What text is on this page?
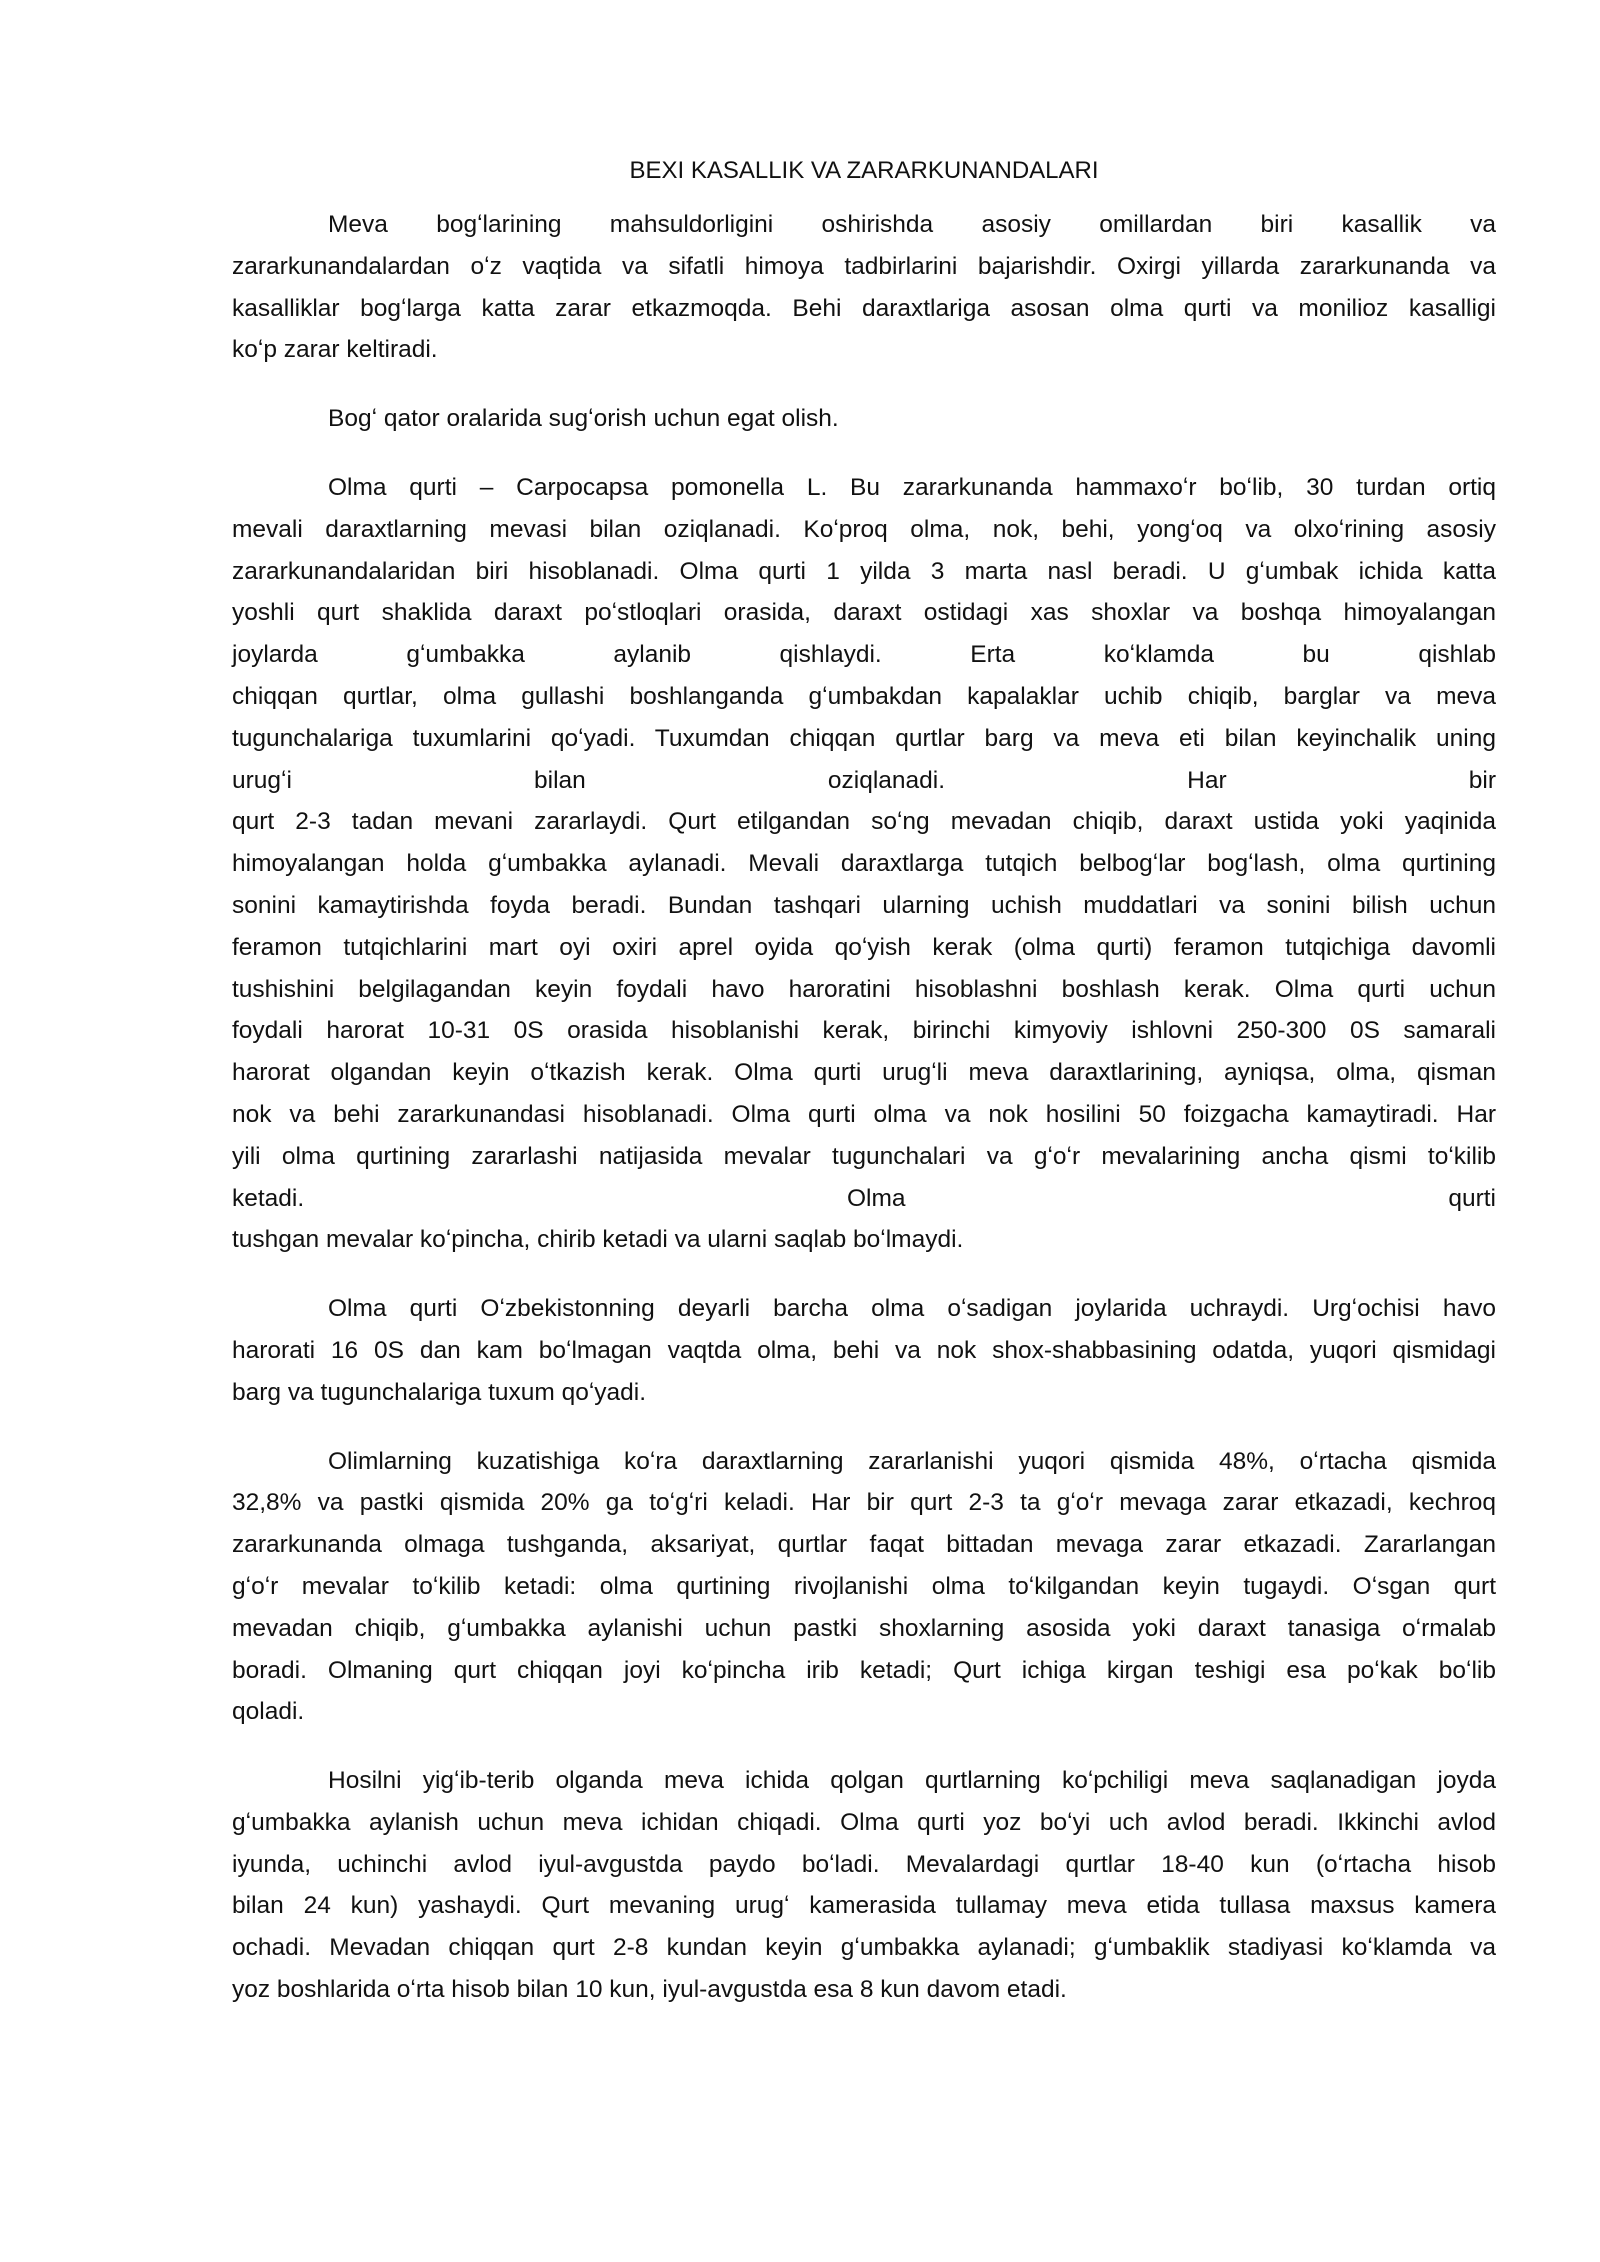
BEXI KASALLIK VA ZARARKUNANDALARI
Meva bogʻlarining mahsuldorligini oshirishda asosiy omillardan biri kasallik va
zararkunandalardan oʻz vaqtida va sifatli himoya tadbirlarini bajarishdir. Oxirgi yillarda zararkunanda va
kasalliklar bogʻlarga katta zarar etkazmoqda. Behi daraxtlariga asosan olma qurti va monilioz kasalligi
koʻp zarar keltiradi.
Bogʻ qator oralarida sugʻorish uchun egat olish.
Olma qurti – Carpocapsa pomonella L. Bu zararkunanda hammaxoʻr boʻlib, 30 turdan ortiq
mevali daraxtlarning mevasi bilan oziqlanadi. Koʻproq olma, nok, behi, yongʻoq va olxoʻrining asosiy
zararkunandalaridan biri hisoblanadi. Olma qurti 1 yilda 3 marta nasl beradi. U gʻumbak ichida katta
yoshli qurt shaklida daraxt poʻstloqlari orasida, daraxt ostidagi xas shoxlar va boshqa himoyalangan
joylarda gʻumbakka aylanib qishlaydi. Erta koʻklamda bu qishlab
chiqqan qurtlar, olma gullashi boshlanganda gʻumbakdan kapalaklar uchib chiqib, barglar va meva
tugunchalariga tuxumlarini qoʻyadi. Tuxumdan chiqqan qurtlar barg va meva eti bilan keyinchalik uning
urugʻi bilan oziqlanadi. Har bir
qurt 2-3 tadan mevani zararlaydi. Qurt etilgandan soʻng mevadan chiqib, daraxt ustida yoki yaqinida
himoyalangan holda gʻumbakka aylanadi. Mevali daraxtlarga tutqich belbogʻlar bogʻlash, olma qurtining
sonini kamaytirishda foyda beradi. Bundan tashqari ularning uchish muddatlari va sonini bilish uchun
feramon tutqichlarini mart oyi oxiri aprel oyida qoʻyish kerak (olma qurti) feramon tutqichiga davomli
tushishini belgilagandan keyin foydali havo haroratini hisoblashni boshlash kerak. Olma qurti uchun
foydali harorat 10-31 0S orasida hisoblanishi kerak, birinchi kimyoviy ishlovni 250-300 0S samarali
harorat olgandan keyin oʻtkazish kerak. Olma qurti urugʻli meva daraxtlarining, ayniqsa, olma, qisman
nok va behi zararkunandasi hisoblanadi. Olma qurti olma va nok hosilini 50 foizgacha kamaytiradi. Har
yili olma qurtining zararlashi natijasida mevalar tugunchalari va gʻoʻr mevalarining ancha qismi toʻkilib
ketadi. Olma qurti
tushgan mevalar koʻpincha, chirib ketadi va ularni saqlab boʻlmaydi.
Olma qurti Oʻzbekistonning deyarli barcha olma oʻsadigan joylarida uchraydi. Urgʻochisi havo
harorati 16 0S dan kam boʻlmagan vaqtda olma, behi va nok shox-shabbasining odatda, yuqori qismidagi
barg va tugunchalariga tuxum qoʻyadi.
Olimlarning kuzatishiga koʻra daraxtlarning zararlanishi yuqori qismida 48%, oʻrtacha qismida
32,8% va pastki qismida 20% ga toʻgʻri keladi. Har bir qurt 2-3 ta gʻoʻr mevaga zarar etkazadi, kechroq
zararkunanda olmaga tushganda, aksariyat, qurtlar faqat bittadan mevaga zarar etkazadi. Zararlangan
gʻoʻr mevalar toʻkilib ketadi: olma qurtining rivojlanishi olma toʻkilgandan keyin tugaydi. Oʻsgan qurt
mevadan chiqib, gʻumbakka aylanishi uchun pastki shoxlarning asosida yoki daraxt tanasiga oʻrmalab
boradi. Olmaning qurt chiqqan joyi koʻpincha irib ketadi; Qurt ichiga kirgan teshigi esa poʻkak boʻlib
qoladi.
Hosilni yigʻib-terib olganda meva ichida qolgan qurtlarning koʻpchiligi meva saqlanadigan joyda
gʻumbakka aylanish uchun meva ichidan chiqadi. Olma qurti yoz boʻyi uch avlod beradi. Ikkinchi avlod
iyunda, uchinchi avlod iyul-avgustda paydo boʻladi. Mevalardagi qurtlar 18-40 kun (oʻrtacha hisob
bilan 24 kun) yashaydi. Qurt mevaning urugʻ kamerasida tullamay meva etida tullasa maxsus kamera
ochadi. Mevadan chiqqan qurt 2-8 kundan keyin gʻumbakka aylanadi; gʻumbaklik stadiyasi koʻklamda va
yoz boshlarida oʻrta hisob bilan 10 kun, iyul-avgustda esa 8 kun davom etadi.
